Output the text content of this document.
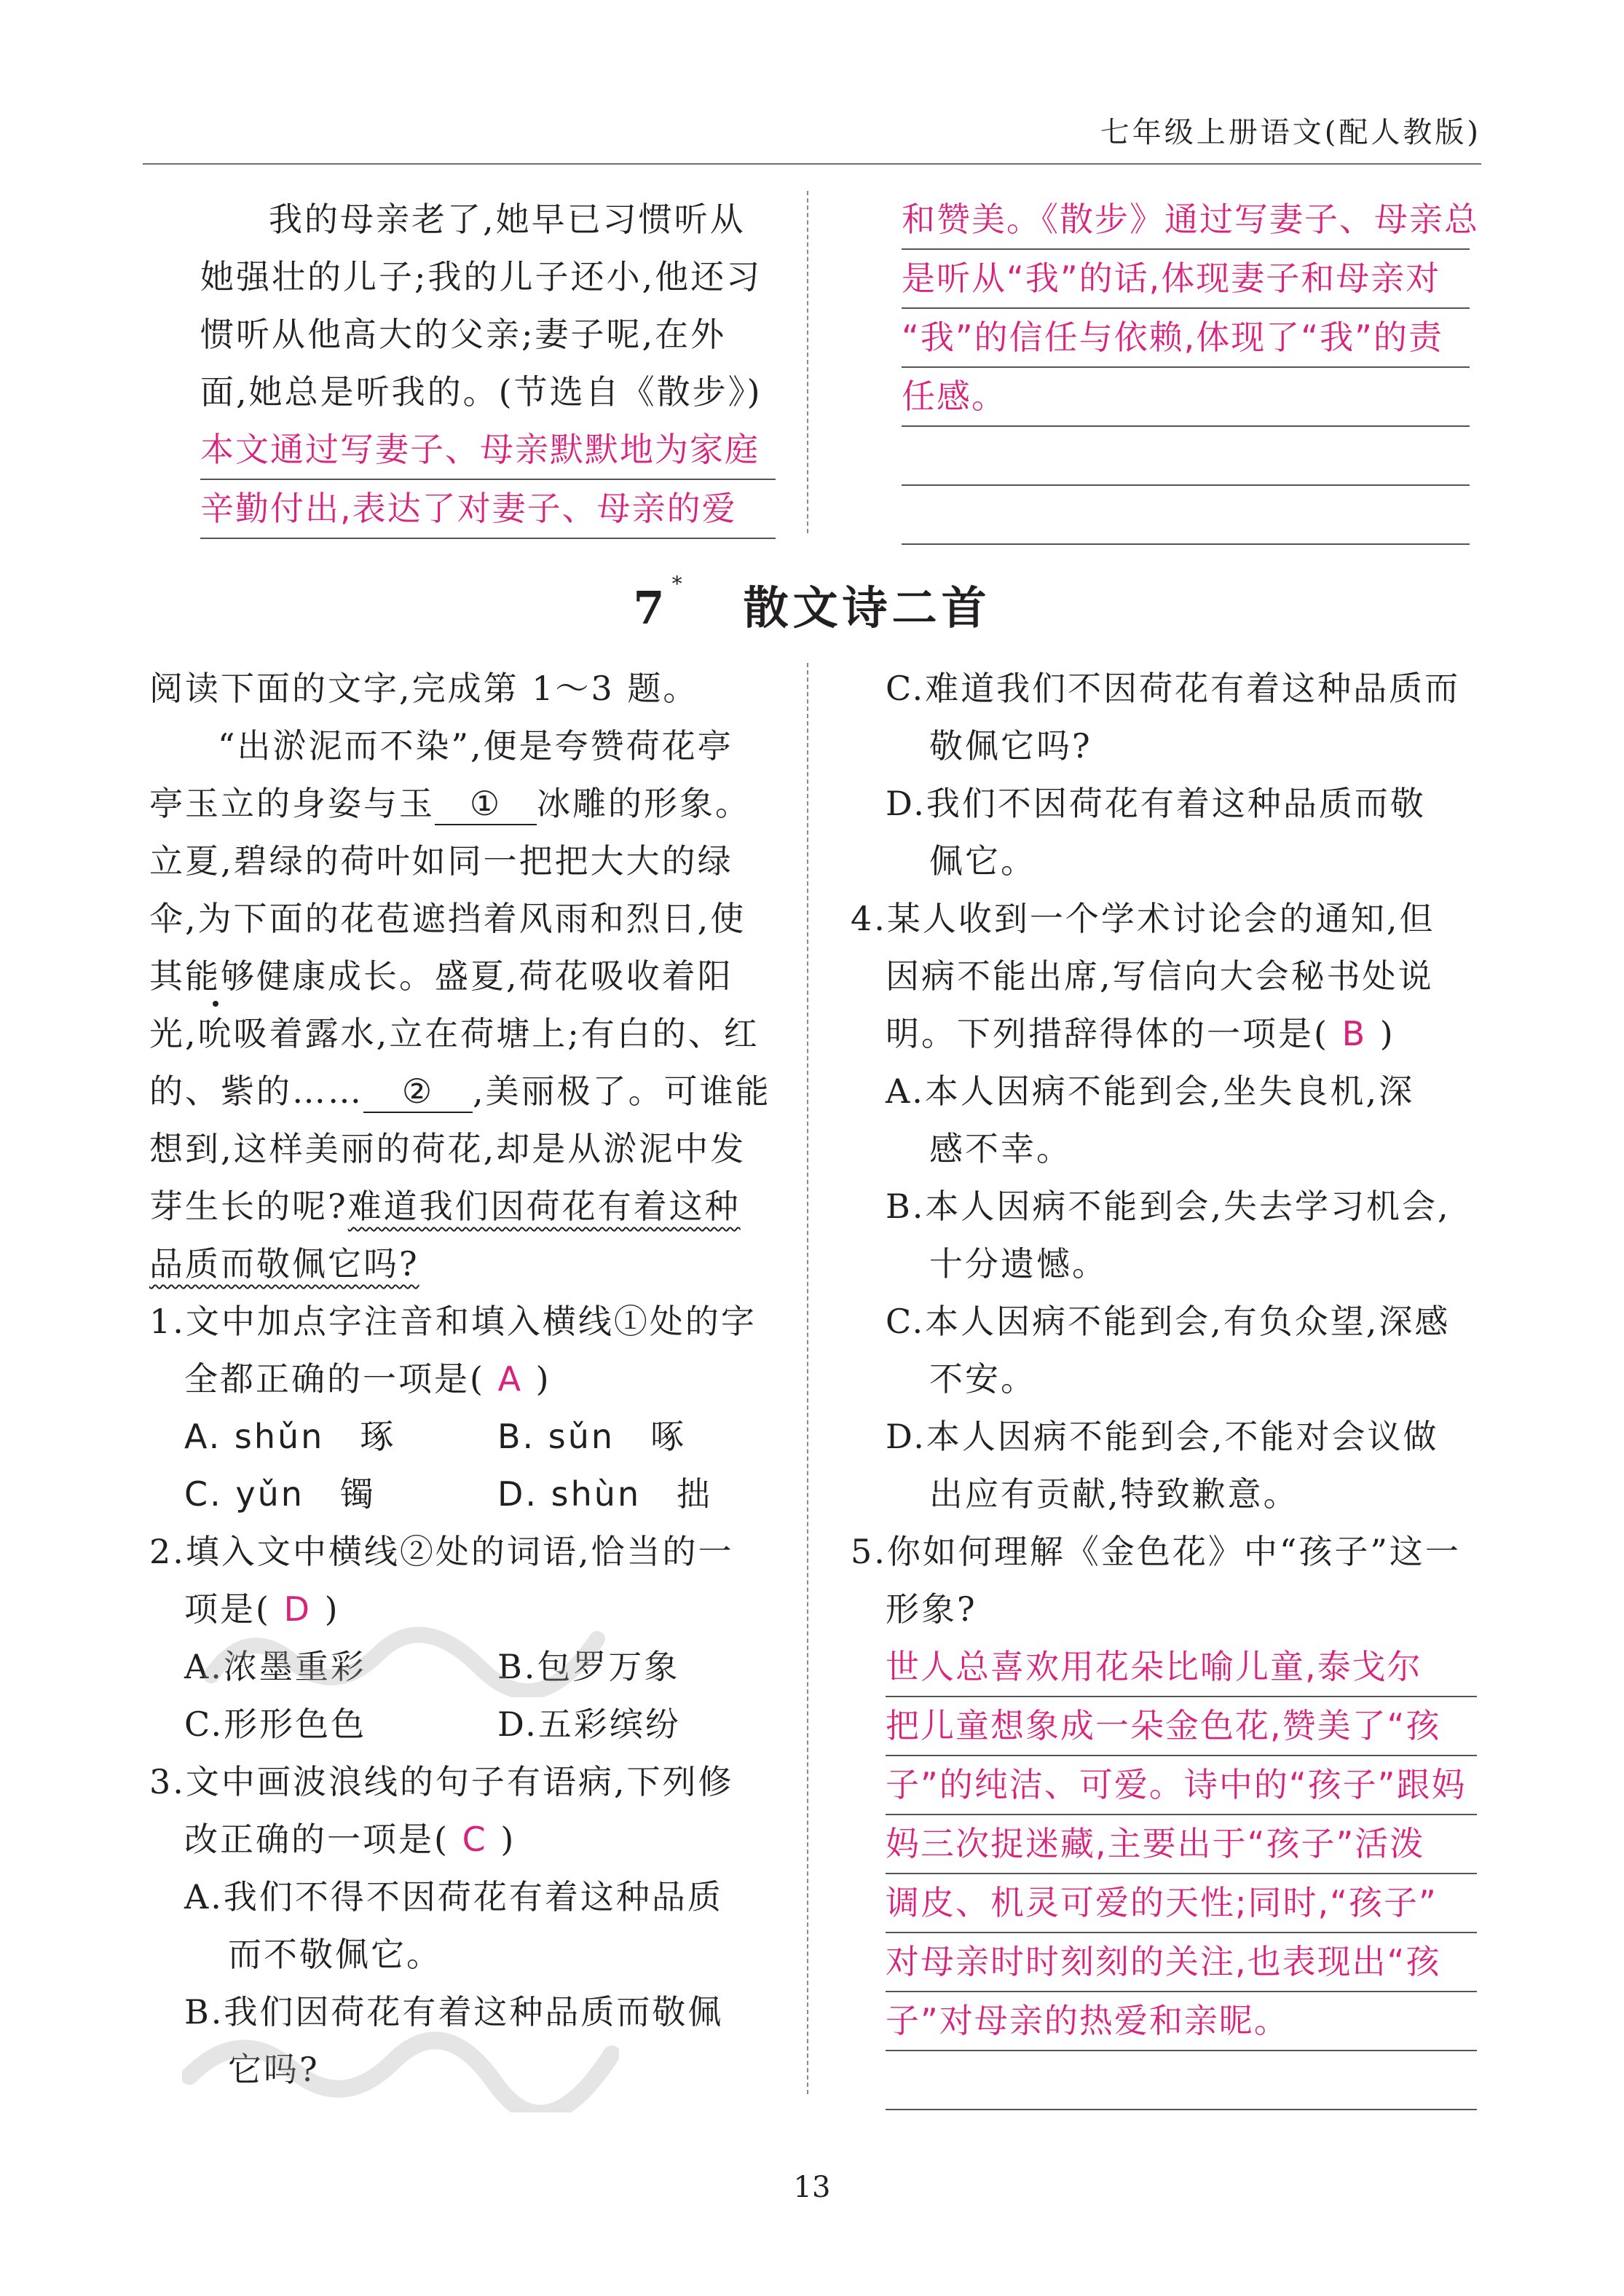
七年级上册语文(配人教版)
我的母亲老了,她早已习惯听从
她强壮的儿子;我的儿子还小,他还习
惯听从他高大的父亲;妻子呢,在外
面,她总是听我的。(节选自《散步》)
本文通过写妻子、母亲默默地为家庭
辛勤付出,表达了对妻子、母亲的爱
和赞美。《散步》通过写妻子、母亲总
是听从“我”的话,体现妻子和母亲对
“我”的信任与依赖,体现了“我”的责
任感。
7 * 散文诗二首
阅读下面的文字,完成第 1～3 题。
“出淤泥而不染”,便是夸赞荷花亭
亭玉立的身姿与玉 ① 冰雕的形象。
立夏,碧绿的荷叶如同一把把大大的绿
伞,为下面的花苞遮挡着风雨和烈日,使
其能够健康成长。盛夏,荷花吸收着阳
光,吮吸着露水,立在荷塘上;有白的、红
的、紫的…… ② ,美丽极了。可谁能
想到,这样美丽的荷花,却是从淤泥中发
芽生长的呢?难道我们因荷花有着这种
品质而敬佩它吗?
1.文中加点字注音和填入横线①处的字
全都正确的一项是( A )
A. shǔn　琢	B. sǔn　啄
C. yǔn　镯	D. shùn　拙
2.填入文中横线②处的词语,恰当的一
项是( D )
A.浓墨重彩	B.包罗万象
C.形形色色	D.五彩缤纷
3.文中画波浪线的句子有语病,下列修
改正确的一项是( C )
A.我们不得不因荷花有着这种品质
而不敬佩它。
B.我们因荷花有着这种品质而敬佩
它吗?
C.难道我们不因荷花有着这种品质而
敬佩它吗?
D.我们不因荷花有着这种品质而敬
佩它。
4.某人收到一个学术讨论会的通知,但
因病不能出席,写信向大会秘书处说
明。下列措辞得体的一项是( B )
A.本人因病不能到会,坐失良机,深
感不幸。
B.本人因病不能到会,失去学习机会,
十分遗憾。
C.本人因病不能到会,有负众望,深感
不安。
D.本人因病不能到会,不能对会议做
出应有贡献,特致歉意。
5.你如何理解《金色花》中“孩子”这一
形象?
世人总喜欢用花朵比喻儿童,泰戈尔
把儿童想象成一朵金色花,赞美了“孩
子”的纯洁、可爱。诗中的“孩子”跟妈
妈三次捉迷藏,主要出于“孩子”活泼
调皮、机灵可爱的天性;同时,“孩子”
对母亲时时刻刻的关注,也表现出“孩
子”对母亲的热爱和亲昵。
13
